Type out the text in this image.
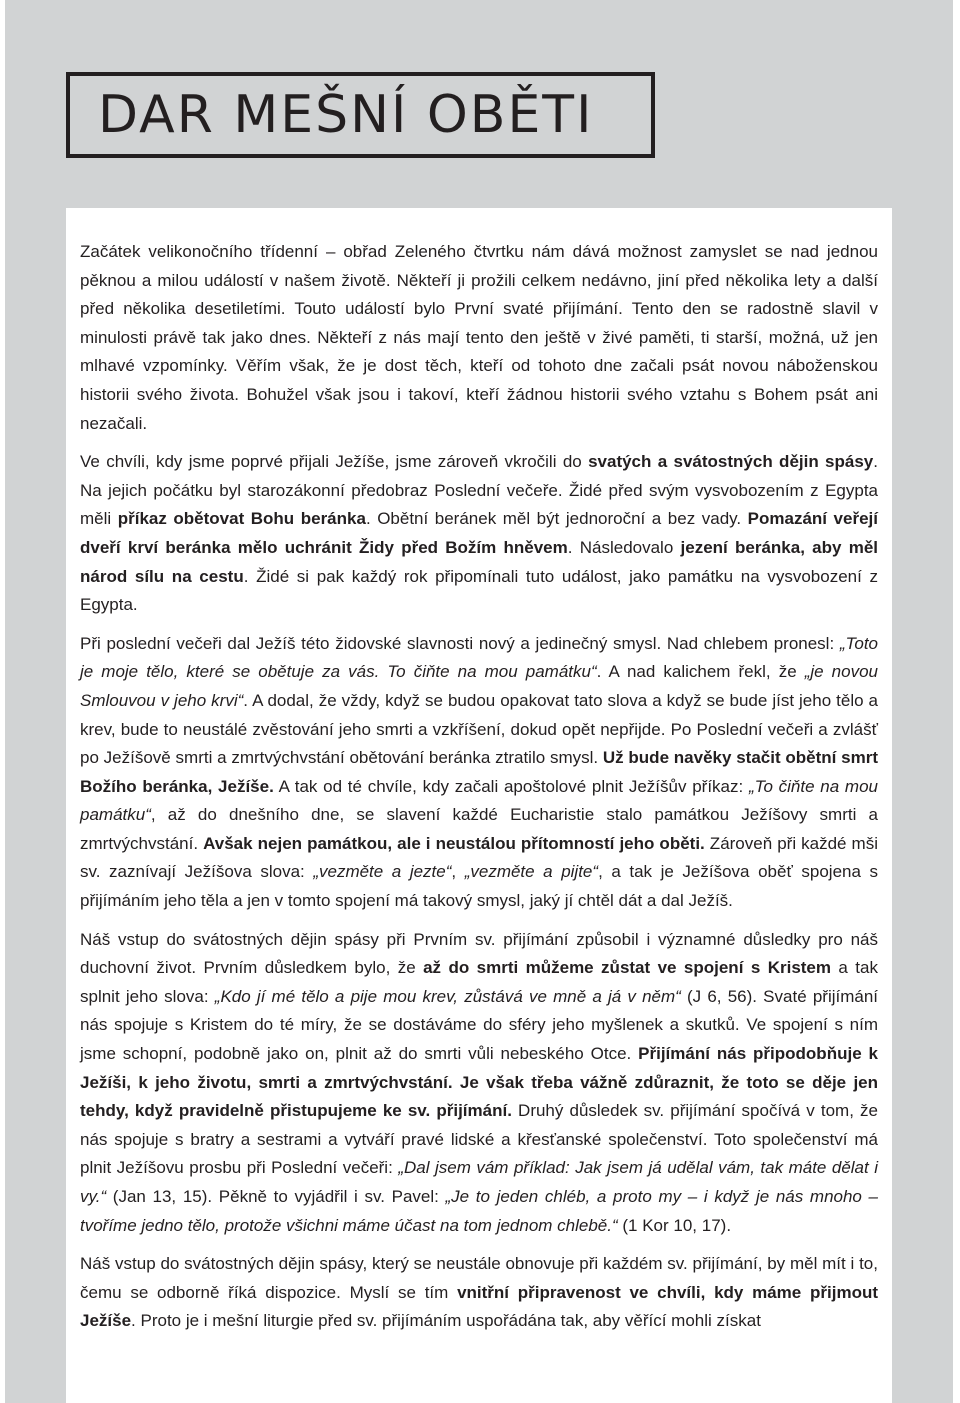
DAR MEŠNÍ OBĚTI

Začátek velikonočního třídenní – obřad Zeleného čtvrtku nám dává možnost zamyslet se nad jednou pěknou a milou událostí v našem životě. Někteří ji prožili celkem nedávno, jiní před několika lety a další před několika desetiletími. Touto událostí bylo První svaté přijímání. Tento den se radostně slavil v minulosti právě tak jako dnes. Někteří z nás mají tento den ještě v živé paměti, ti starší, možná, už jen mlhavé vzpomínky. Věřím však, že je dost těch, kteří od tohoto dne začali psát novou náboženskou historii svého života. Bohužel však jsou i takoví, kteří žádnou historii svého vztahu s Bohem psát ani nezačali.

Ve chvíli, kdy jsme poprvé přijali Ježíše, jsme zároveň vkročili do svatých a svátostných dějin spásy. Na jejich počátku byl starozákonní předobraz Poslední večeře. Židé před svým vysvobozením z Egypta měli příkaz obětovat Bohu beránka. Obětní beránek měl být jednoroční a bez vady. Pomazání veřejí dveří krví beránka mělo uchránit Židy před Božím hněvem. Následovalo jezení beránka, aby měl národ sílu na cestu. Židé si pak každý rok připomínali tuto událost, jako památku na vysvobození z Egypta.

Při poslední večeři dal Ježíš této židovské slavnosti nový a jedinečný smysl. Nad chlebem pronesl: „Toto je moje tělo, které se obětuje za vás. To čiňte na mou památku“. A nad kalichem řekl, že „je novou Smlouvou v jeho krvi“. A dodal, že vždy, když se budou opakovat tato slova a když se bude jíst jeho tělo a krev, bude to neustálé zvěstování jeho smrti a vzkříšení, dokud opět nepřijde. Po Poslední večeři a zvlášť po Ježíšově smrti a zmrtvýchvstání obětování beránka ztratilo smysl. Už bude navěky stačit obětní smrt Božího beránka, Ježíše. A tak od té chvíle, kdy začali apoštolové plnit Ježíšův příkaz: „To čiňte na mou památku“, až do dnešního dne, se slavení každé Eucharistie stalo památkou Ježíšovy smrti a zmrtvýchvstání. Avšak nejen památkou, ale i neustálou přítomností jeho oběti. Zároveň při každé mši sv. zaznívají Ježíšova slova: „vezměte a jezte“, „vezměte a pijte“, a tak je Ježíšova oběť spojena s přijímáním jeho těla a jen v tomto spojení má takový smysl, jaký jí chtěl dát a dal Ježíš.

Náš vstup do svátostných dějin spásy při Prvním sv. přijímání způsobil i významné důsledky pro náš duchovní život. Prvním důsledkem bylo, že až do smrti můžeme zůstat ve spojení s Kristem a tak splnit jeho slova: „Kdo jí mé tělo a pije mou krev, zůstává ve mně a já v něm“ (J 6, 56). Svaté přijímání nás spojuje s Kristem do té míry, že se dostáváme do sféry jeho myšlenek a skutků. Ve spojení s ním jsme schopní, podobně jako on, plnit až do smrti vůli nebeského Otce. Přijímání nás připodobňuje k Ježíši, k jeho životu, smrti a zmrtvýchvstání. Je však třeba vážně zdůraznit, že toto se děje jen tehdy, když pravidelně přistupujeme ke sv. přijímání. Druhý důsledek sv. přijímání spočívá v tom, že nás spojuje s bratry a sestrami a vytváří pravé lidské a křesťanské společenství. Toto společenství má plnit Ježíšovu prosbu při Poslední večeři: „Dal jsem vám příklad: Jak jsem já udělal vám, tak máte dělat i vy.“ (Jan 13, 15). Pěkně to vyjádřil i sv. Pavel: „Je to jeden chléb, a proto my – i když je nás mnoho – tvoříme jedno tělo, protože všichni máme účast na tom jednom chlebě.“ (1 Kor 10, 17).

Náš vstup do svátostných dějin spásy, který se neustále obnovuje při každém sv. přijímání, by měl mít i to, čemu se odborně říká dispozice. Myslí se tím vnitřní připravenost ve chvíli, kdy máme přijmout Ježíše. Proto je i mešní liturgie před sv. přijímáním uspořádána tak, aby věřící mohli získat
